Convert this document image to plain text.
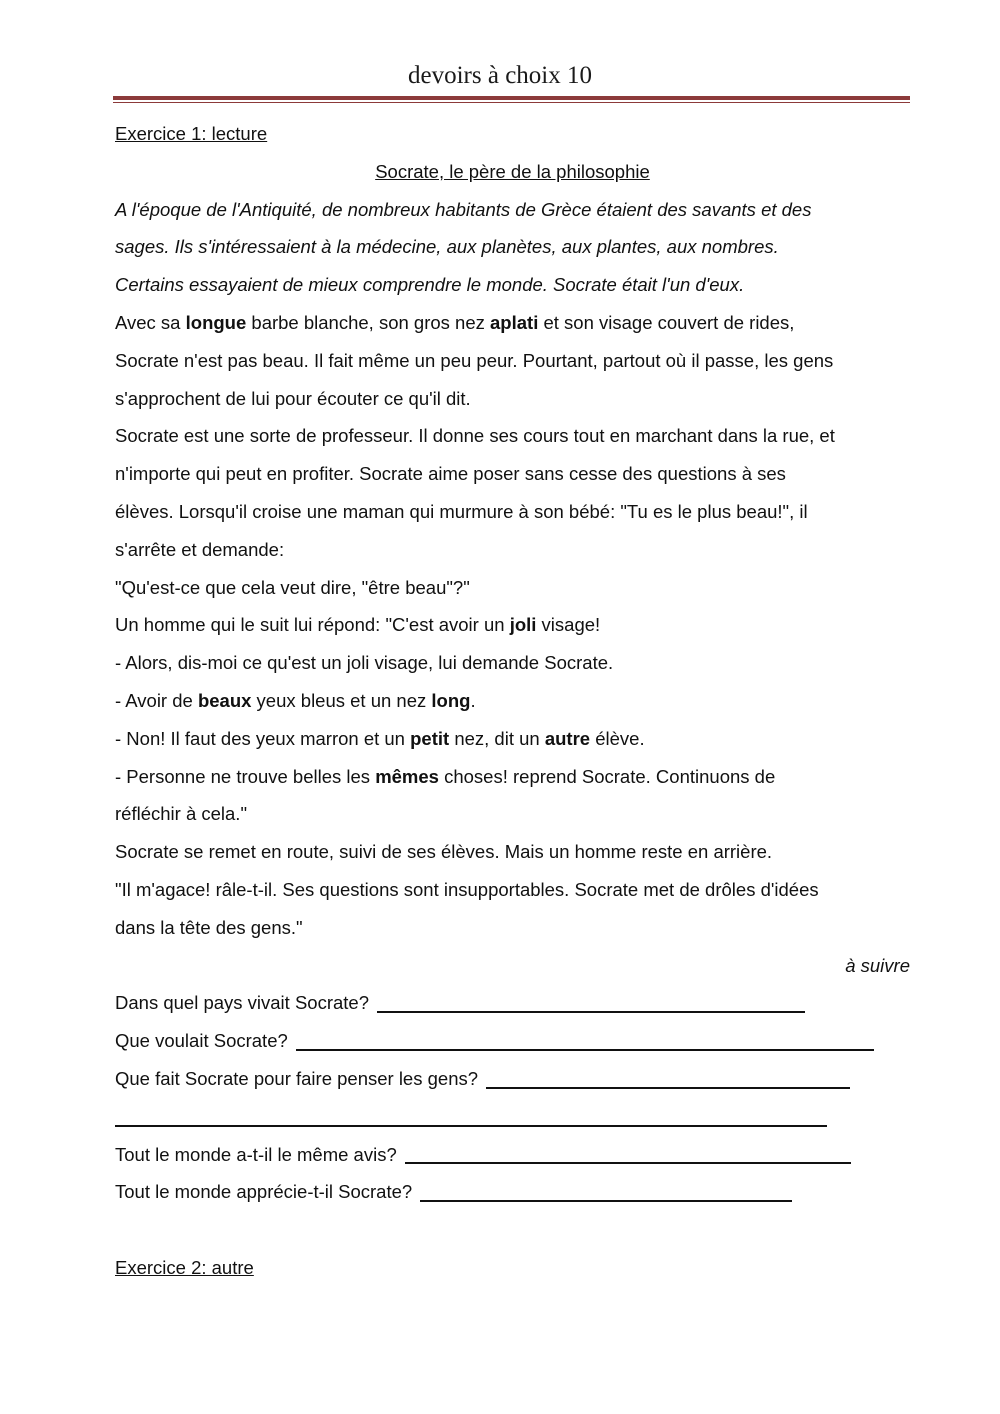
devoirs à choix 10
Exercice 1: lecture
Socrate, le père de la philosophie
A l'époque de l'Antiquité, de nombreux habitants de Grèce étaient des savants et des
sages. Ils s'intéressaient à la médecine, aux planètes, aux plantes, aux nombres.
Certains essayaient de mieux comprendre le monde. Socrate était l'un d'eux.
Avec sa longue barbe blanche, son gros nez aplati et son visage couvert de rides,
Socrate n'est pas beau. Il fait même un peu peur. Pourtant, partout où il passe, les gens
s'approchent de lui pour écouter ce qu'il dit.
Socrate est une sorte de professeur. Il donne ses cours tout en marchant dans la rue, et
n'importe qui peut en profiter. Socrate aime poser sans cesse des questions à ses
élèves. Lorsqu'il croise une maman qui murmure à son bébé: "Tu es le plus beau!", il
s'arrête et demande:
"Qu'est-ce que cela veut dire, "être beau"?"
Un homme qui le suit lui répond: "C'est avoir un joli visage!
- Alors, dis-moi ce qu'est un joli visage, lui demande Socrate.
- Avoir de beaux yeux bleus et un nez long.
- Non! Il faut des yeux marron et un petit nez, dit un autre élève.
- Personne ne trouve belles les mêmes choses! reprend Socrate. Continuons de
réfléchir à cela."
Socrate se remet en route, suivi de ses élèves. Mais un homme reste en arrière.
"Il m'agace! râle-t-il. Ses questions sont insupportables. Socrate met de drôles d'idées
dans la tête des gens."
à suivre
Dans quel pays vivait Socrate?
Que voulait Socrate?
Que fait Socrate pour faire penser les gens?
Tout le monde a-t-il le même avis?
Tout le monde apprécie-t-il Socrate?
Exercice 2: autre
